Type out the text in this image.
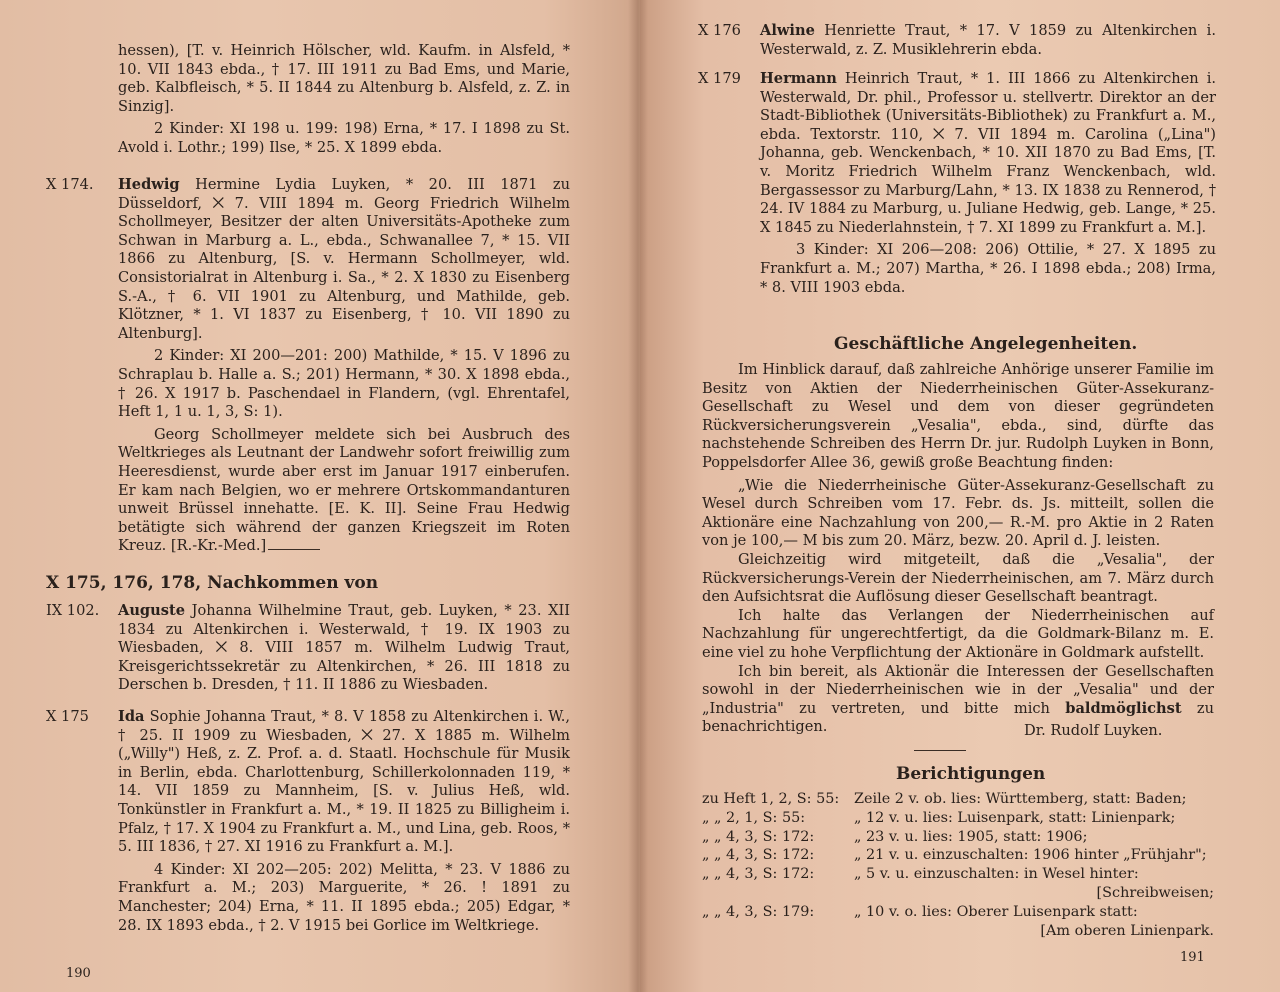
hessen), [T. v. Heinrich Hölscher, wld. Kaufm. in Alsfeld, * 10. VII 1843 ebda., † 17. III 1911 zu Bad Ems, und Marie, geb. Kalbfleisch, * 5. II 1844 zu Altenburg b. Alsfeld, z. Z. in Sinzig].
2 Kinder: XI 198 u. 199: 198) Erna, * 17. I 1898 zu St. Avold i. Lothr.; 199) Ilse, * 25. X 1899 ebda.
X 174. Hedwig Hermine Lydia Luyken, * 20. III 1871 zu Düsseldorf, ⨉ 7. VIII 1894 m. Georg Friedrich Wilhelm Schollmeyer, Besitzer der alten Universitäts-Apotheke zum Schwan in Marburg a. L., ebda., Schwanallee 7, * 15. VII 1866 zu Altenburg, [S. v. Hermann Schollmeyer, wld. Consistorialrat in Altenburg i. Sa., * 2. X 1830 zu Eisenberg S.-A., † 6. VII 1901 zu Altenburg, und Mathilde, geb. Klötzner, * 1. VI 1837 zu Eisenberg, † 10. VII 1890 zu Altenburg].
2 Kinder: XI 200—201: 200) Mathilde, * 15. V 1896 zu Schraplau b. Halle a. S.; 201) Hermann, * 30. X 1898 ebda., † 26. X 1917 b. Paschendael in Flandern, (vgl. Ehrentafel, Heft 1, 1 u. 1, 3, S: 1).
Georg Schollmeyer meldete sich bei Ausbruch des Weltkrieges als Leutnant der Landwehr sofort freiwillig zum Heeresdienst, wurde aber erst im Januar 1917 einberufen. Er kam nach Belgien, wo er mehrere Ortskommandanturen unweit Brüssel innehatte. [E. K. II]. Seine Frau Hedwig betätigte sich während der ganzen Kriegszeit im Roten Kreuz. [R.-Kr.-Med.]
X 175, 176, 178, Nachkommen von
IX 102. Auguste Johanna Wilhelmine Traut, geb. Luyken, * 23. XII 1834 zu Altenkirchen i. Westerwald, † 19. IX 1903 zu Wiesbaden, ⨉ 8. VIII 1857 m. Wilhelm Ludwig Traut, Kreisgerichtssekretär zu Altenkirchen, * 26. III 1818 zu Derschen b. Dresden, † 11. II 1886 zu Wiesbaden.
X 175 Ida Sophie Johanna Traut, * 8. V 1858 zu Altenkirchen i. W., † 25. II 1909 zu Wiesbaden, ⨉ 27. X 1885 m. Wilhelm („Willy") Heß, z. Z. Prof. a. d. Staatl. Hochschule für Musik in Berlin, ebda. Charlottenburg, Schillerkolonnaden 119, * 14. VII 1859 zu Mannheim, [S. v. Julius Heß, wld. Tonkünstler in Frankfurt a. M., * 19. II 1825 zu Billigheim i. Pfalz, † 17. X 1904 zu Frankfurt a. M., und Lina, geb. Roos, * 5. III 1836, † 27. XI 1916 zu Frankfurt a. M.].
4 Kinder: XI 202—205: 202) Melitta, * 23. V 1886 zu Frankfurt a. M.; 203) Marguerite, * 26. ! 1891 zu Manchester; 204) Erna, * 11. II 1895 ebda.; 205) Edgar, * 28. IX 1893 ebda., † 2. V 1915 bei Gorlice im Weltkriege.
190
X 176 Alwine Henriette Traut, * 17. V 1859 zu Altenkirchen i. Westerwald, z. Z. Musiklehrerin ebda.
X 179 Hermann Heinrich Traut, * 1. III 1866 zu Altenkirchen i. Westerwald, Dr. phil., Professor u. stellvertr. Direktor an der Stadt-Bibliothek (Universitäts-Bibliothek) zu Frankfurt a. M., ebda. Textorstr. 110, ⨉ 7. VII 1894 m. Carolina („Lina") Johanna, geb. Wenckenbach, * 10. XII 1870 zu Bad Ems, [T. v. Moritz Friedrich Wilhelm Franz Wenckenbach, wld. Bergassessor zu Marburg/Lahn, * 13. IX 1838 zu Rennerod, † 24. IV 1884 zu Marburg, u. Juliane Hedwig, geb. Lange, * 25. X 1845 zu Niederlahnstein, † 7. XI 1899 zu Frankfurt a. M.].
3 Kinder: XI 206—208: 206) Ottilie, * 27. X 1895 zu Frankfurt a. M.; 207) Martha, * 26. I 1898 ebda.; 208) Irma, * 8. VIII 1903 ebda.
Geschäftliche Angelegenheiten.
Im Hinblick darauf, daß zahlreiche Anhörige unserer Familie im Besitz von Aktien der Niederrheinischen Güter-Assekuranz-Gesellschaft zu Wesel und dem von dieser gegründeten Rückversicherungsverein „Vesalia", ebda., sind, dürfte das nachstehende Schreiben des Herrn Dr. jur. Rudolph Luyken in Bonn, Poppelsdorfer Allee 36, gewiß große Beachtung finden:
„Wie die Niederrheinische Güter-Assekuranz-Gesellschaft zu Wesel durch Schreiben vom 17. Febr. ds. Js. mitteilt, sollen die Aktionäre eine Nachzahlung von 200,— R.-M. pro Aktie in 2 Raten von je 100,— M bis zum 20. März, bezw. 20. April d. J. leisten.
Gleichzeitig wird mitgeteilt, daß die „Vesalia", der Rückversicherungs-Verein der Niederrheinischen, am 7. März durch den Aufsichtsrat die Auflösung dieser Gesellschaft beantragt.
Ich halte das Verlangen der Niederrheinischen auf Nachzahlung für ungerechtfertigt, da die Goldmark-Bilanz m. E. eine viel zu hohe Verpflichtung der Aktionäre in Goldmark aufstellt.
Ich bin bereit, als Aktionär die Interessen der Gesellschaften sowohl in der Niederrheinischen wie in der „Vesalia" und der „Industria" zu vertreten, und bitte mich baldmöglichst zu benachrichtigen.	Dr. Rudolf Luyken.
Berichtigungen
zu Heft 1, 2, S: 55:	Zeile 2 v. ob. lies: Württemberg, statt: Baden;
„ „ 2, 1, S: 55:	„ 12 v. u. lies: Luisenpark, statt: Linienpark;
„ „ 4, 3, S: 172:	„ 23 v. u. lies: 1905, statt: 1906;
„ „ 4, 3, S: 172:	„ 21 v. u. einzuschalten: 1906 hinter „Frühjahr";
„ „ 4, 3, S: 172:	„ 5 v. u. einzuschalten: in Wesel hinter:
[Schreibweisen;
„ „ 4, 3, S: 179:	„ 10 v. o. lies: Oberer Luisenpark statt:
[Am oberen Linienpark.
191
